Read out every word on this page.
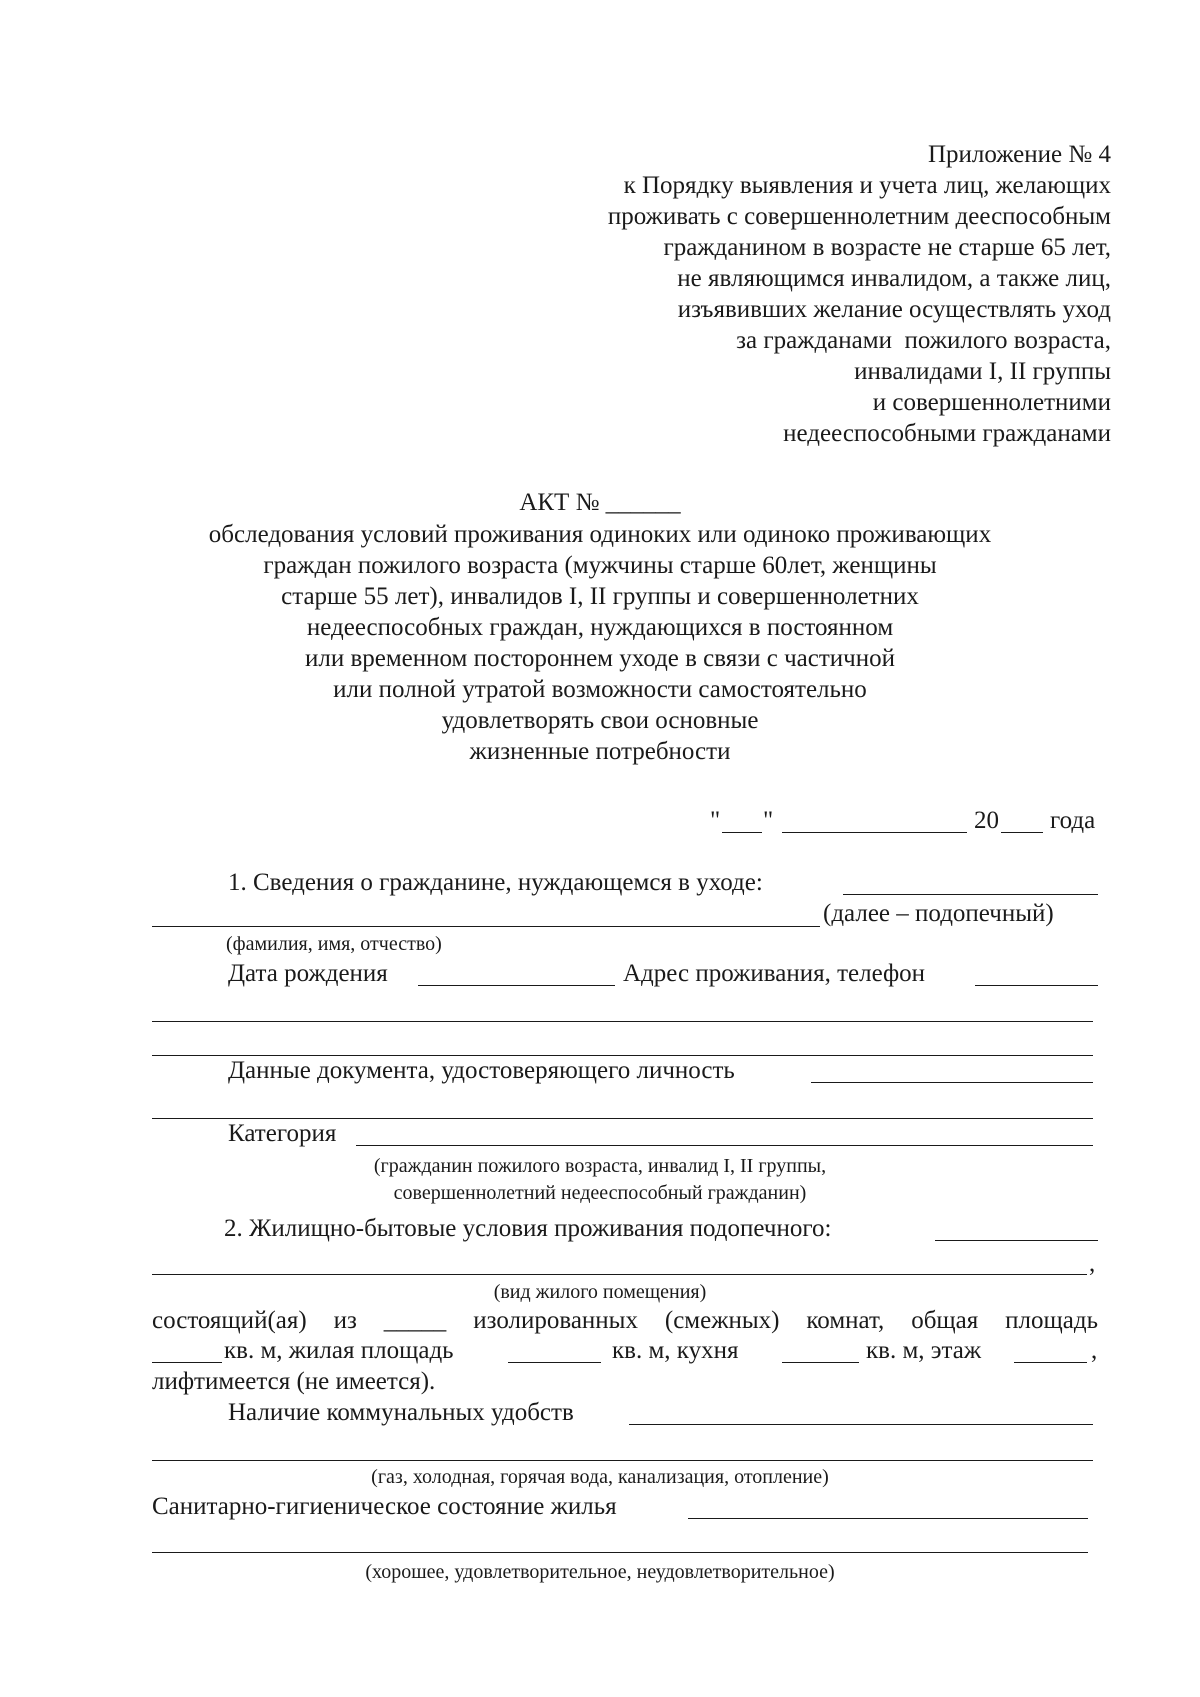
Приложение № 4
к Порядку выявления и учета лиц, желающих
проживать с совершеннолетним дееспособным
гражданином в возрасте не старше 65 лет,
не являющимся инвалидом, а также лиц,
изъявивших желание осуществлять уход
за гражданами  пожилого возраста,
инвалидами I, II группы
и совершеннолетними
недееспособными гражданами
АКТ № ______
обследования условий проживания одиноких или одиноко проживающих
граждан пожилого возраста (мужчины старше 60лет, женщины
старше 55 лет), инвалидов I, II группы и совершеннолетних
недееспособных граждан, нуждающихся в постоянном
или временном постороннем уходе в связи с частичной
или полной утратой возможности самостоятельно
удовлетворять свои основные
жизненные потребности
" "	20 года
1. Сведения о гражданине, нуждающемся в уходе:
(далее – подопечный)
(фамилия, имя, отчество)
Дата рождения	Адрес проживания, телефон
Данные документа, удостоверяющего личность
Категория
(гражданин пожилого возраста, инвалид I, II группы,
совершеннолетний недееспособный гражданин)
2. Жилищно-бытовые условия проживания подопечного:
,
(вид жилого помещения)
состоящий(ая) из _____ изолированных (смежных) комнат, общая площадь
кв. м, жилая площадь	кв. м, кухня	кв. м, этаж	,
лифтимеется (не имеется).
Наличие коммунальных удобств
(газ, холодная, горячая вода, канализация, отопление)
Санитарно-гигиеническое состояние жилья
(хорошее, удовлетворительное, неудовлетворительное)
